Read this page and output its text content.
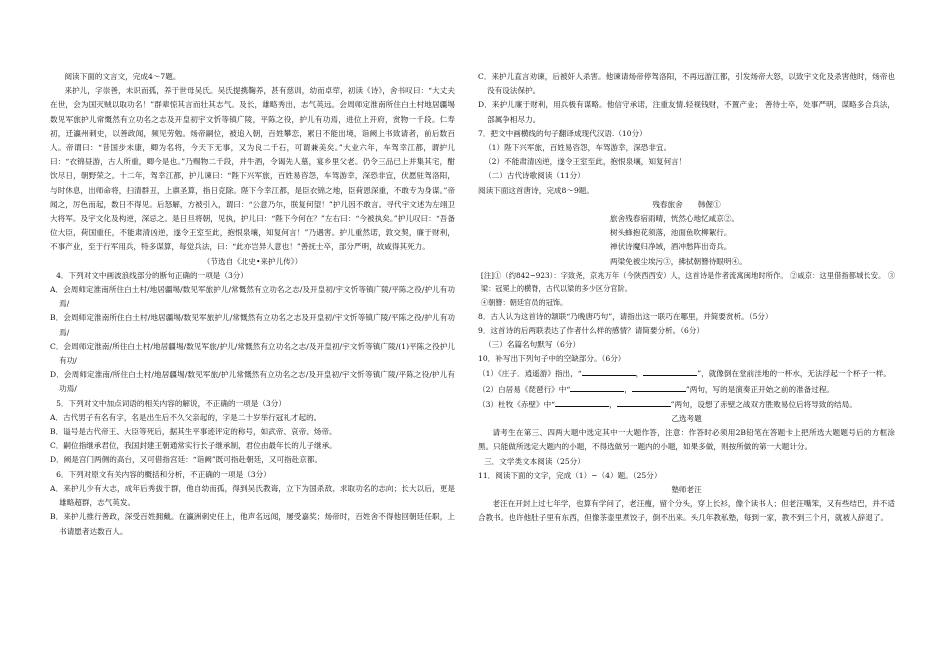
阅读下面的文言文，完成4～7题。

来护儿，字崇善，未识而孤，养于世母吴氏。吴氏提携鞠养，甚有慈训，幼而卓荦，初读《诗》，舍书叹曰：“大丈夫在世，会为国灭贼以取功名！”群辈惊其言而壮其志气。及长，雄略秀出，志气英远。会周师定淮南所住白土村地居疆埸数见军旅护儿常慨然有立功名之志及开皇初宇文忻等镇广陵，平陈之役，护儿有功焉，进位上开府，赏物一千段。仁寿初，迁瀛州刺史，以善政闻，频见劳勉。炀帝嗣位，被追入朝，百姓攀恋，累日不能出境，诣阙上书致请者，前后数百人。帝谓曰：“昔国步未康，卿为名将，今天下无事，又为良二千石，可谓兼美矣。”大业六年，车驾幸江都，谓护儿曰：“衣锦昼游，古人所重，卿今是也。”乃赐物二千段，并牛酒，令谒先人墓，宴乡里父老。仍令三品已上并集其宅，酣饮尽日，朝野荣之。十二年，驾幸江都，护儿谏曰：“陛下兴军旅，百姓易咨怨，车驾游幸，深恐非宜，伏愿驻驾洛阳，与时休息，出师命将，扫清群丑，上禀圣算，指日克除。陛下今幸江都，是臣衣锦之地，臣荷恩深重，不敢专为身谋。”帝闻之，厉色而起，数日不得见。后怒解，方被引入，谓曰：“公意乃尔，朕复何望！”护儿因不敢言。寻代宇文述为左翊卫大将军。及宇文化及构逆，深忌之。是日旦将朝，见执，护儿曰：“陛下今何在？”左右曰：“今被执矣。”护儿叹曰：“吾备位大臣，荷国重任，不能肃清凶逆，遂令王室至此，抱恨泉壤，知复何言！”乃遇害。护儿重然诺，敦交契，廉于财利，不事产业，至于行军用兵，特多谋算，每觉兵法，曰：“此亦岂异人意也！”善抚士卒，部分严明，故咸得其死力。

（节选自《北史•来护儿传》）

4．下列对文中画波浪线部分的断句正确的一项是（3分）

A．会周师定淮南所住白土村/地居疆埸/数见军旅护儿/常慨然有立功名之志/及开皇初/宇文忻等镇广陵/平陈之役/护儿有功焉/

B．会周师定淮南所住白土村/地居疆埸/数见军旅护儿/常慨然有立功名之志及开皇初/宇文忻等镇广陵/平陈之役/护儿有功焉/

C．会周师定淮南/所住白土村/地居疆埸/数见军旅/护儿/常慨然有立功名之志/及开皇初/宇文忻等镇广陵/(1)平陈之役护儿有功/

D．会周师定淮南/所住白土村/地居疆埸/数见军旅/护儿常慨然有立功名之志/及开皇初/宇文忻等镇广陵/平陈之役/护儿有功焉/

5．下列对文中加点词语的相关内容的解说，不正确的一项是（3分）

A．古代男子有名有字，名是出生后不久父亲起的，字是二十岁举行冠礼才起的。

B．谥号是古代帝王、大臣等死后，据其生平事迹评定的称号，如武帝、哀帝、炀帝。

C．嗣位指继承君位，我国封建王朝通常实行长子继承制，君位由最年长的儿子继承。

D．阙是宫门两侧的高台，又可借指宫廷：“诣阙”既可指赴朝廷，又可指赴京都。

6．下列对原文有关内容的概括和分析，不正确的一项是（3分）

A．来护儿少有大志，成年后秀拔于群，他自幼而孤，得到吴氏教诲，立下为国杀敌、求取功名的志向；长大以后，更是雄略超群，志气英发。

B．来护儿推行善政，深受百姓拥戴。在瀛洲刺史任上，他声名远闻，屡受嘉奖；炀帝时，百姓舍不得他回朝廷任职，上书请愿者达数百人。

C．来护儿直言劝谏，后被奸人杀害。他谏请炀帝停驾洛阳，不再远游江都，引发炀帝大怒，以致宇文化及杀害他时，炀帝也没有设法保护。

D．来护儿廉于财利，用兵极有谋略。他信守承诺，注重友情.轻视钱财，不置产业； 善待士卒，处事严明，谋略多合兵法，部属争相尽力。

7．把文中画横线的句子翻译成现代汉语.（10分）

（1）陛下兴军旅，百姓易咨怨，车驾游幸，深恐非宜。

（2）不能肃清凶逆，遂令王室至此，抱恨泉壤，知复何言！

（二）古代诗歌阅读（11分）

阅读下面这首唐诗，完成8～9题。

残春旅舍　　韩偓①

旅舍残春宿雨晴，恍然心地忆咸京②。

树头蜂抱花须落，池面鱼吹柳絮行。

禅伏诗魔归净域，酒冲愁阵出奇兵。

两梁免被尘埃污③，拂拭朝簪待眼明④。

[注]①（约842~923）：字致尧，京兆万年（今陕西西安）人，这首诗是作者流寓闽地时所作。 ②咸京：这里借指都城长安。 ③梁：冠冕上的横脊，古代以梁的多少区分官阶。

④朝簪：朝廷官员的冠饰。

8．古人认为这首诗的颔联“乃晚唐巧句”，请指出这一联巧在哪里，并简要赏析。（5分）

9．这首诗的后两联表达了作者什么样的感情？请简要分析。（6分）

（三）名篇名句默写（6分）

10．补写出下列句子中的空缺部分。（6分）

（1）《庄子．逍遥游》指出，“	，	”，就像倒在堂前洼地的一杯水，无法浮起一个杯子一样。

（2）白居易《琵琶行》中“	，	”两句，写的是演奏正开始之前的准备过程。

（3）杜牧《赤壁》中“	，	”两句，设想了赤壁之战双方胜败易位后将导致的结局。

乙选考题

请考生在第三、四两大题中选定其中一大题作答，注意：作答时必须用2B铅笔在答题卡上把所选大题题号后的方框涂黑。只能做所选定大题内的小题，不得选做另一题内的小题，如果多做，则按所做的第一大题计分。

三．文学类文本阅读（25分）

11．阅读下面的文字，完成（1）~（4）题。（25分）

塾师老汪

老汪在开封上过七年学，也算有学问了，老汪瘦，留个分头，穿上长衫，像个读书人；但老汪嘴笨，又有些结巴，并不适合教书。也许他肚子里有东西，但像茶壶里煮饺子，倒不出来。头几年教私塾，每到一家，教不到三个月，就被人辞退了。
